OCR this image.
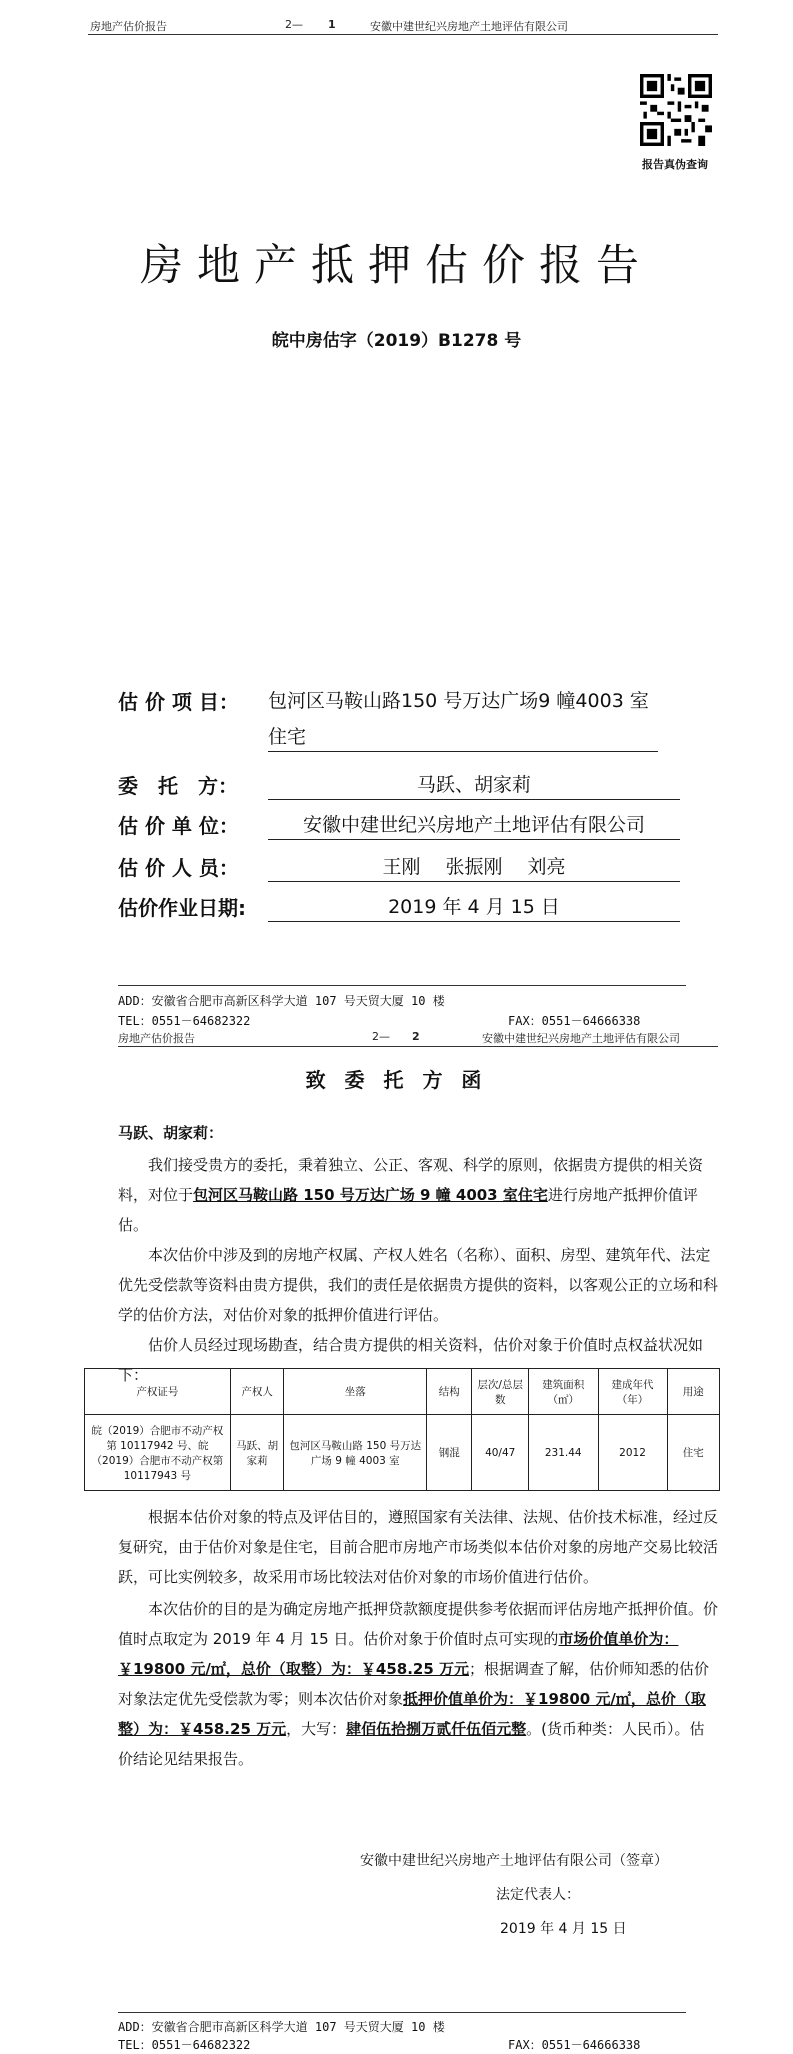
房地产估价报告	2— 1	安徽中建世纪兴房地产土地评估有限公司
报告真伪查询
房地产抵押估价报告
皖中房估字（2019）B1278 号
估 价 项 目： 包河区马鞍山路150 号万达广场9 幢4003 室
住宅
委　托　方：	马跃、胡家莉
估 价 单 位：	安徽中建世纪兴房地产土地评估有限公司
估 价 人 员：	王刚　 张振刚　 刘亮
估价作业日期:	2019 年 4 月 15 日
ADD：安徽省合肥市高新区科学大道 107 号天贸大厦 10 楼
TEL：0551－64682322	FAX：0551－64666338
房地产估价报告	2— 2	安徽中建世纪兴房地产土地评估有限公司
致 委 托 方 函
马跃、胡家莉：
我们接受贵方的委托，秉着独立、公正、客观、科学的原则，依据贵方提供的相关资料，对位于包河区马鞍山路 150 号万达广场 9 幢 4003 室住宅进行房地产抵押价值评估。
本次估价中涉及到的房地产权属、产权人姓名（名称）、面积、房型、建筑年代、法定优先受偿款等资料由贵方提供，我们的责任是依据贵方提供的资料，以客观公正的立场和科学的估价方法，对估价对象的抵押价值进行评估。
估价人员经过现场勘查，结合贵方提供的相关资料，估价对象于价值时点权益状况如下：
产权证号	产权人	坐落	结构	层次/总层数	建筑面积（㎡）	建成年代（年）	用途
皖（2019）合肥市不动产权第 10117942 号、皖（2019）合肥市不动产权第 10117943 号	马跃、胡家莉	包河区马鞍山路 150 号万达广场 9 幢 4003 室	钢混	40/47	231.44	2012	住宅
根据本估价对象的特点及评估目的，遵照国家有关法律、法规、估价技术标准，经过反复研究，由于估价对象是住宅，目前合肥市房地产市场类似本估价对象的房地产交易比较活跃，可比实例较多，故采用市场比较法对估价对象的市场价值进行估价。
本次估价的目的是为确定房地产抵押贷款额度提供参考依据而评估房地产抵押价值。价值时点取定为 2019 年 4 月 15 日。估价对象于价值时点可实现的市场价值单价为：￥19800 元/㎡，总价（取整）为：￥458.25 万元；根据调查了解，估价师知悉的估价对象法定优先受偿款为零；则本次估价对象抵押价值单价为：￥19800 元/㎡，总价（取整）为：￥458.25 万元，大写：肆佰伍拾捌万贰仟伍佰元整。(货币种类：人民币）。估价结论见结果报告。
安徽中建世纪兴房地产土地评估有限公司（签章）
法定代表人：
2019 年 4 月 15 日
ADD：安徽省合肥市高新区科学大道 107 号天贸大厦 10 楼
TEL：0551－64682322	FAX：0551－64666338
